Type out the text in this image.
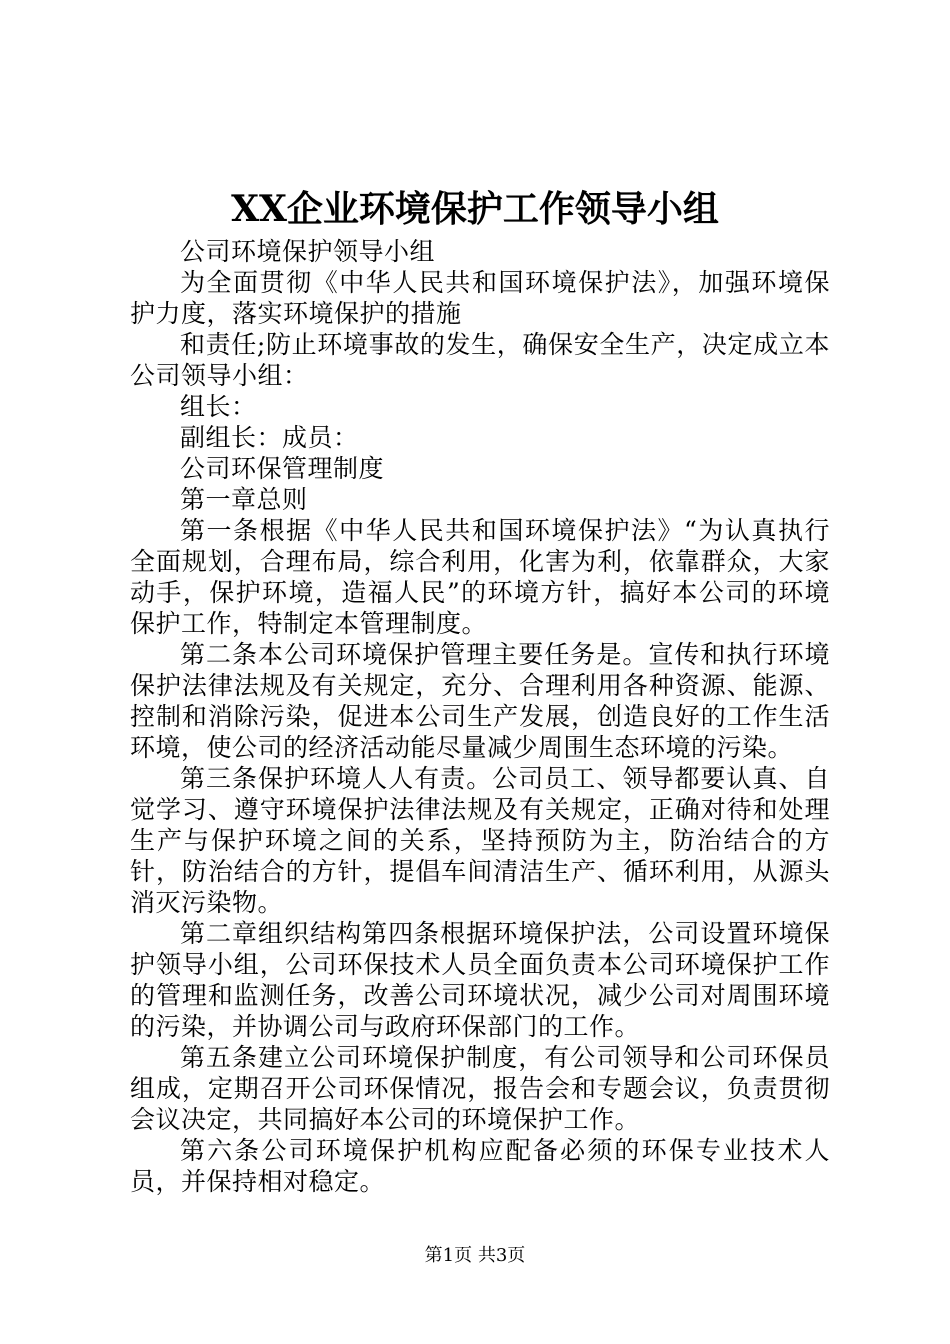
XX企业环境保护工作领导小组

公司环境保护领导小组

为全面贯彻《中华人民共和国环境保护法》，加强环境保护力度，落实环境保护的措施

和责任;防止环境事故的发生，确保安全生产，决定成立本公司领导小组：

组长：

副组长：成员：

公司环保管理制度

第一章总则

第一条根据《中华人民共和国环境保护法》“为认真执行全面规划，合理布局，综合利用，化害为利，依靠群众，大家动手，保护环境，造福人民”的环境方针，搞好本公司的环境保护工作，特制定本管理制度。

第二条本公司环境保护管理主要任务是。宣传和执行环境保护法律法规及有关规定，充分、合理利用各种资源、能源、控制和消除污染，促进本公司生产发展，创造良好的工作生活环境，使公司的经济活动能尽量减少周围生态环境的污染。

第三条保护环境人人有责。公司员工、领导都要认真、自觉学习、遵守环境保护法律法规及有关规定，正确对待和处理生产与保护环境之间的关系，坚持预防为主，防治结合的方针，防治结合的方针，提倡车间清洁生产、循环利用，从源头消灭污染物。

第二章组织结构第四条根据环境保护法，公司设置环境保护领导小组，公司环保技术人员全面负责本公司环境保护工作的管理和监测任务，改善公司环境状况，减少公司对周围环境的污染，并协调公司与政府环保部门的工作。

第五条建立公司环境保护制度，有公司领导和公司环保员组成，定期召开公司环保情况，报告会和专题会议，负责贯彻会议决定，共同搞好本公司的环境保护工作。

第六条公司环境保护机构应配备必须的环保专业技术人员，并保持相对稳定。

第1页 共3页
